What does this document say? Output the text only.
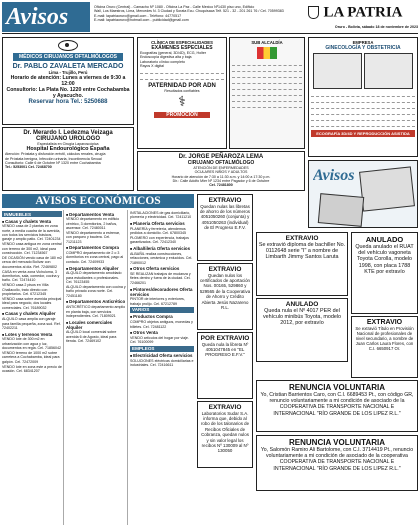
Avisos	Oficina Oruro (Central) - Camacho Nº 1080 - Oficina La Paz - Calle Mexico Nº1430 piso uno, Edificio
Wall, Los Maestros, Lima, Mercedes N. 3 Ciudad y Sorata Ecu. Chuquisaca Telf. 521 - 32 - 201 261 76 / Cel. 70599383
E-mail: lapatriaoruro@gmail.com - Teléfono: 44770517
E-mail: lapatriaoruro@hotmail.com - publicidad@gmail.com	LA PATRIA
Oruro - Bolivia, sábado 18 de noviembre de 2023
MÉDICOS CIRUJANOS OFTALMÓLOGOS
Dr. PABLO ZAVALETA MERCADO
Lima - Trujillo, Perú
Horario de atención: Lunes a viernes de 9:30 a 12:00
Consultorio: La Plata No. 1220 entre Cochabamba y Ayacucho.
Reservar hora Tel.: 5250688
Dr. Merardo I. Ledezma Veizaga
CIRUJANO UROLOGO
Especialista en Cirugía Laparoscópica
Hospital Endourológico España
Atención: Próstata y disfunción eréctil, cálculos renales, cirugía
de Próstata benigna, Infección urinaria, Incontinencia Sexual
Consultorio: Calle 6 de Octubre Nº 1320 entre Cochabamba
Tel.: 5253001 Cel. 72468700
CLÍNICA DE ESPECIALIDADES
EXÁMENES ESPECIALES
Ecografías (general, 3D/4D), ECG, Holter
Endoscopía digestiva alta y baja
Laboratorio clínico completo
Rayos X digital
PATERNIDAD POR ADN
Resultados confiables
⚕
PROMOCIÓN
SUB ALCALDÍA
Dr. JORGE PEÑAROZA LEMA
CIRUJANO OFTALMÓLOGO
ATENCIÓN DE ENFERMEDADES
OCULARES NIÑOS Y ADULTOS
Horario de atención de 7:30 a 11:30 a.m. y 14:00 a 17:30 p.m.
Dir.: Calle Adolfo Mier Nº 1234 entre Pagador y 6 de Octubre
Cel. 72481800
EMPRESA
GINECOLOGÍA Y OBSTETRICIA
ECOGRAFÍA 3D/4D Y REPRODUCCIÓN ASISTIDA
Avisos
AVISOS ECONÓMICOS
INMUEBLES
■ Casas y chalets Venta
VENDO casa de 2 plantas en zona norte, a media cuadra de la avenida, con todos los servicios básicos, garaje y amplio patio. Cel. 72401234
VENDO casa antigua en zona central con terreno de 300 m2, ideal para construcción. Cel. 71234567
DE OCASIÓN vendo casa de 180 m2 cerca del mercado Bolívar con documentos al día. Ref. 72469802
CASA en venta zona Vichuloma, 3 dormitorios, sala, comedor, cocina y baño. Cel. 72474410
VENDO casa 2 pisos en Villa Challacollo, trato directo con propietarios. Cel. 67212345
VENDO casa sobre avenida principal ideal para negocio, dos locales comerciales. Cel. 76189032
■ Casas y chalets Alquiler
ALQUILO casa amplia con garaje para familia pequeña, zona sud. Ref. 72402211
■ Lotes y terrenos Venta
VENDO lote de 300 m2 en urbanización con agua y luz, documentos en regla. Cel. 71856042
VENDO terreno de 1000 m2 sobre carretera a Cochabamba, ideal para galpón. Cel. 72472009
VENDO lote en zona este a precio de ocasión. Cel. 68341207
■ Departamentos Venta
VENDO departamento en edificio céntrico, 3 dormitorios, 2 baños, ascensor. Cel. 72480011
VENDO departamento a estrenar, con parqueo y baulera. Cel. 71211123
■ Departamentos Compra
COMPRO departamento de 2 o 3 dormitorios en zona central, pago al contado. Cel. 72409933
■ Departamentos Alquiler
ALQUILO departamento amoblado para estudiantes o profesionales. Cel. 76123455
ALQUILO departamento con cocina y baño privado zona norte. Cel. 72451180
■ Departamentos Anticrético
ANTICRÉTICO departamento amplio en planta baja, con servicios independientes. Cel. 71809021
■ Locales comerciales Alquiler
ALQUILO local comercial sobre avenida 6 de Agosto, ideal para tienda. Cel. 72469102
INSTALACIONES de gas domiciliario, plomería y electricidad. Cel. 72411210
■ Planería Oferta servicios
PLANERÍA y ferretería, atendemos pedidos a domicilio. Cel. 67800345
PLOMERO con experiencia, trabajos garantizados. Cel. 72412340
■ Albañilería Oferta servicios
ALBAÑIL realiza construcciones, refacciones, cerámica y enlucidos. Cel. 71890012
■ Otros Oferta servicios
SE REALIZAN trabajos de mudanza y fletes dentro y fuera de la ciudad. Cel. 72466201
■ Pintores/decoradores Oferta servicios
PINTOR de interiores y exteriores, trabajo prolijo. Cel. 67212789
VARIOS
■ Productos Compra
COMPRO objetos antiguos, monedas y billetes. Cel. 72481122
■ Otros Venta
VENDO artículos del hogar por viaje. Cel. 76100099
EMPLEOS
■ Electricidad Oferta servicios
SOLUCIONES eléctricas domiciliarias e industriales. Cel. 72416611
EXTRAVIO
Quedan nulas las libretas de ahorro de los números 4051050260 (conjunta) y 4051050263 (individual) de El Progreso E.F.V.
EXTRAVIO
Quedan nulos los certificados de aportación Nos. 00165, 529860 y 529565 de la Cooperativa de Ahorro y Crédito Abierta Jesús Nazareno R.L.
POR EXTRAVIO
Queda nula la libreta Nº 4051047845 en "EL PROGRESO E.F.V."
EXTRAVIO
Laboratorios Sudar S.A. informa que, debido al robo de los talonarios de Recibos Oficiales de Cobranza, quedan nulos y sin valor legal los recibos Nº 130009 al Nº 130050
EXTRAVIO
Se extravió diploma de bachiller No. 0112648 serie "I" a nombre de Limbarth Jimmy Santos Laruta
ANULADO
Queda nula el Nº 4017 PER del vehículo minibús Toyota, modelo 2012, por extravío
ANULADO
Queda anulado el RUAT del vehículo vagoneta Toyota Corolla, modelo 1998, con placa 1788 KTE por extravío
EXTRAVIO
Se extravió Título en Provisión Nacional de profesionales de nivel secundario, a nombre de Juan Carlos Laura Flores, con C.I. 6650917 Or.
RENUNCIA VOLUNTARIA
Yo, Cristian Barrientos Caro, con C.I. 6689453 Pt., con código GR, renuncio voluntariamente a mi condición de asociado de la COOPERATIVA DE TRANSPORTE NACIONAL E INTERNACIONAL "RÍO GRANDE DE LOS LIPEZ R.L."
RENUNCIA VOLUNTARIA
Yo, Salomón Ramiro Ali Bartolome, con C.I. 3714419 Pt., renuncio voluntariamente a mi condición de asociado de la cooperativa COOPERATIVA DE TRANSPORTE NACIONAL E INTERNACIONAL "RÍO GRANDE DE LOS LIPEZ R.L."
